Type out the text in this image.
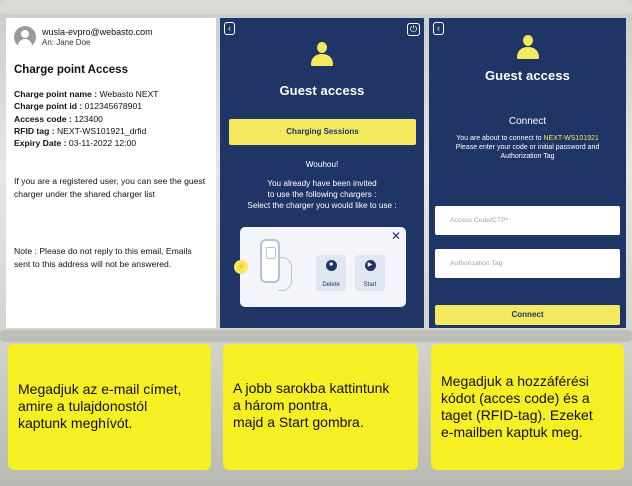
wusla-evpro@webasto.com
An: Jane Doe
Charge point Access
Charge point name : Webasto NEXT
Charge point id : 012345678901
Access code : 123400
RFID tag : NEXT-WS101921_drfid
Expiry Date : 03-11-2022 12:00
If you are a registered user, you can see the guest charger under the shared charger list
Note : Please do not reply to this email, Emails sent to this address will not be answered.
‹	⏻
Guest access
Charging Sessions
Wouhou!
You already have been invited
to use the following chargers :
Select the charger you would like to use :
✕
⚡	■
Delete
▶
Start
‹
Guest access
Connect
You are about to connect to NEXT-WS101921
Please enter your code or initial password and
Authorization Tag
Access Code/CTP*
Authorization Tag
Connect
Megadjuk az e-mail címet,
amire a tulajdonostól
kaptunk meghívót.
A jobb sarokba kattintunk
a három pontra,
majd a Start gombra.
Megadjuk a hozzáférési
kódot (acces code) és a
taget (RFID-tag). Ezeket
e-mailben kaptuk meg.
